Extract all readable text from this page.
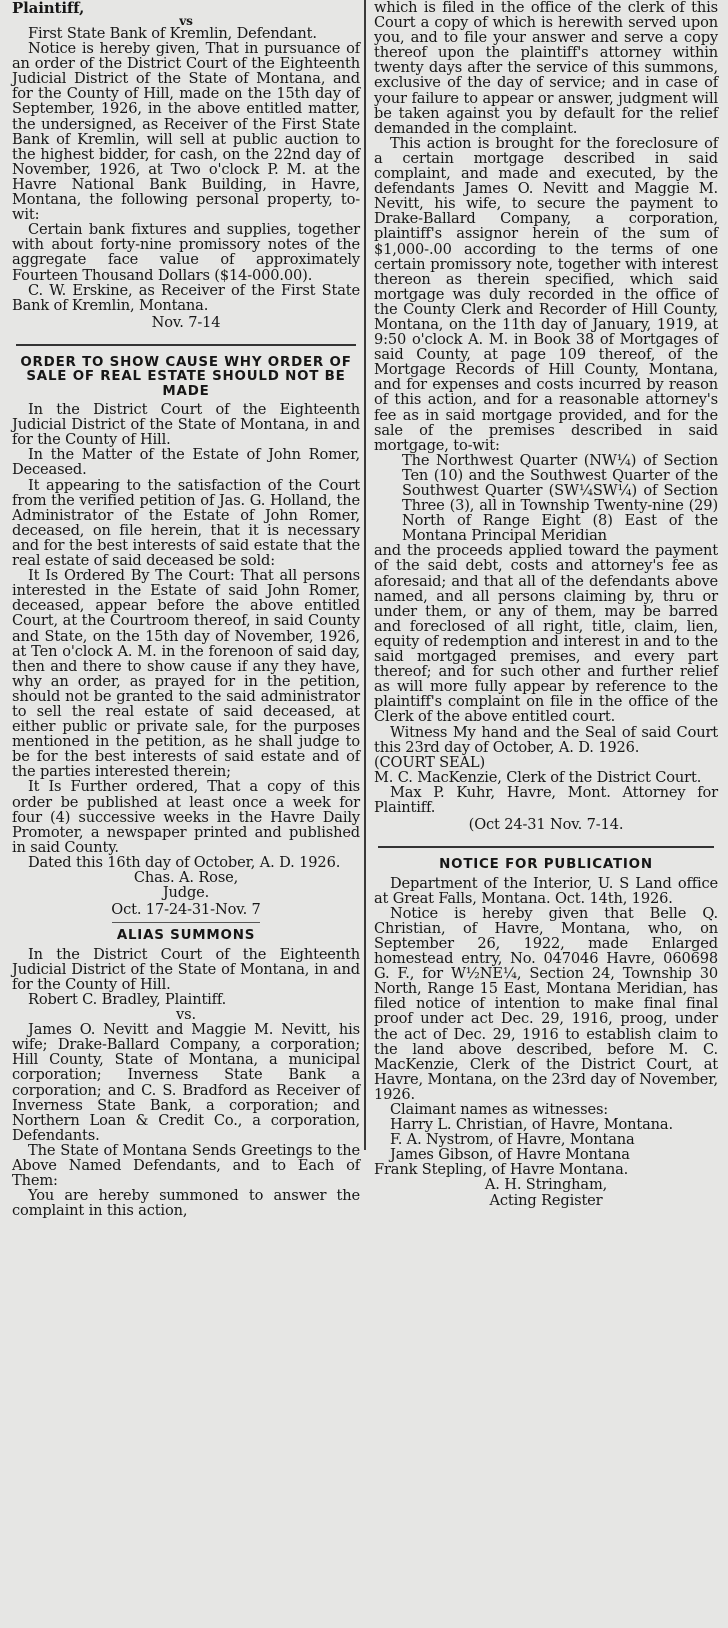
Plaintiff,

vs

First State Bank of Kremlin, Defendant.

Notice is hereby given, That in pursuance of an order of the District Court of the Eighteenth Judicial District of the State of Montana, and for the County of Hill, made on the 15th day of September, 1926, in the above entitled matter, the undersigned, as Receiver of the First State Bank of Kremlin, will sell at public auction to the highest bidder, for cash, on the 22nd day of November, 1926, at Two o'clock P. M. at the Havre National Bank Building, in Havre, Montana, the following personal property, to-wit:

Certain bank fixtures and supplies, together with about forty-nine promissory notes of the aggregate face value of approximately Fourteen Thousand Dollars ($14-000.00).

C. W. Erskine, as Receiver of the First State Bank of Kremlin, Montana.

Nov. 7-14

ORDER TO SHOW CAUSE WHY ORDER OF SALE OF REAL ESTATE SHOULD NOT BE MADE

In the District Court of the Eighteenth Judicial District of the State of Montana, in and for the County of Hill.

In the Matter of the Estate of John Romer, Deceased.

It appearing to the satisfaction of the Court from the verified petition of Jas. G. Holland, the Administrator of the Estate of John Romer, deceased, on file herein, that it is necessary and for the best interests of said estate that the real estate of said deceased be sold:

It Is Ordered By The Court: That all persons interested in the Estate of said John Romer, deceased, appear before the above entitled Court, at the Courtroom thereof, in said County and State, on the 15th day of November, 1926, at Ten o'clock A. M. in the forenoon of said day, then and there to show cause if any they have, why an order, as prayed for in the petition, should not be granted to the said administrator to sell the real estate of said deceased, at either public or private sale, for the purposes mentioned in the petition, as he shall judge to be for the best interests of said estate and of the parties interested therein;

It Is Further ordered, That a copy of this order be published at least once a week for four (4) successive weeks in the Havre Daily Promoter, a newspaper printed and published in said County.

Dated this 16th day of October, A. D. 1926.

Chas. A. Rose,

Judge.

Oct. 17-24-31-Nov. 7

ALIAS SUMMONS

In the District Court of the Eighteenth Judicial District of the State of Montana, in and for the County of Hill.

Robert C. Bradley, Plaintiff.

vs.

James O. Nevitt and Maggie M. Nevitt, his wife; Drake-Ballard Company, a corporation; Hill County, State of Montana, a municipal corporation; Inverness State Bank a corporation; and C. S. Bradford as Receiver of Inverness State Bank, a corporation; and Northern Loan & Credit Co., a corporation, Defendants.

The State of Montana Sends Greetings to the Above Named Defendants, and to Each of Them:

You are hereby summoned to answer the complaint in this action,

which is filed in the office of the clerk of this Court a copy of which is herewith served upon you, and to file your answer and serve a copy thereof upon the plaintiff's attorney within twenty days after the service of this summons, exclusive of the day of service; and in case of your failure to appear or answer, judgment will be taken against you by default for the relief demanded in the complaint.

This action is brought for the foreclosure of a certain mortgage described in said complaint, and made and executed, by the defendants James O. Nevitt and Maggie M. Nevitt, his wife, to secure the payment to Drake-Ballard Company, a corporation, plaintiff's assignor herein of the sum of $1,000-.00 according to the terms of one certain promissory note, together with interest thereon as therein specified, which said mortgage was duly recorded in the office of the County Clerk and Recorder of Hill County, Montana, on the 11th day of January, 1919, at 9:50 o'clock A. M. in Book 38 of Mortgages of said County, at page 109 thereof, of the Mortgage Records of Hill County, Montana, and for expenses and costs incurred by reason of this action, and for a reasonable attorney's fee as in said mortgage provided, and for the sale of the premises described in said mortgage, to-wit:

The Northwest Quarter (NW¼) of Section Ten (10) and the Southwest Quarter of the Southwest Quarter (SW¼SW¼) of Section Three (3), all in Township Twenty-nine (29) North of Range Eight (8) East of the Montana Principal Meridian

and the proceeds applied toward the payment of the said debt, costs and attorney's fee as aforesaid; and that all of the defendants above named, and all persons claiming by, thru or under them, or any of them, may be barred and foreclosed of all right, title, claim, lien, equity of redemption and interest in and to the said mortgaged premises, and every part thereof; and for such other and further relief as will more fully appear by reference to the plaintiff's complaint on file in the office of the Clerk of the above entitled court.

Witness My hand and the Seal of said Court this 23rd day of October, A. D. 1926.

(COURT SEAL)

M. C. MacKenzie, Clerk of the District Court.

Max P. Kuhr, Havre, Mont. Attorney for Plaintiff.

(Oct 24-31 Nov. 7-14.

NOTICE FOR PUBLICATION

Department of the Interior, U. S Land office at Great Falls, Montana. Oct. 14th, 1926.

Notice is hereby given that Belle Q. Christian, of Havre, Montana, who, on September 26, 1922, made Enlarged homestead entry, No. 047046 Havre, 060698 G. F., for W½NE¼, Section 24, Township 30 North, Range 15 East, Montana Meridian, has filed notice of intention to make final final proof under act Dec. 29, 1916, proog, under the act of Dec. 29, 1916 to establish claim to the land above described, before M. C. MacKenzie, Clerk of the District Court, at Havre, Montana, on the 23rd day of November, 1926.

Claimant names as witnesses:

Harry L. Christian, of Havre, Montana.

F. A. Nystrom, of Havre, Montana

James Gibson, of Havre Montana

Frank Stepling, of Havre Montana.

A. H. Stringham,

Acting Register
